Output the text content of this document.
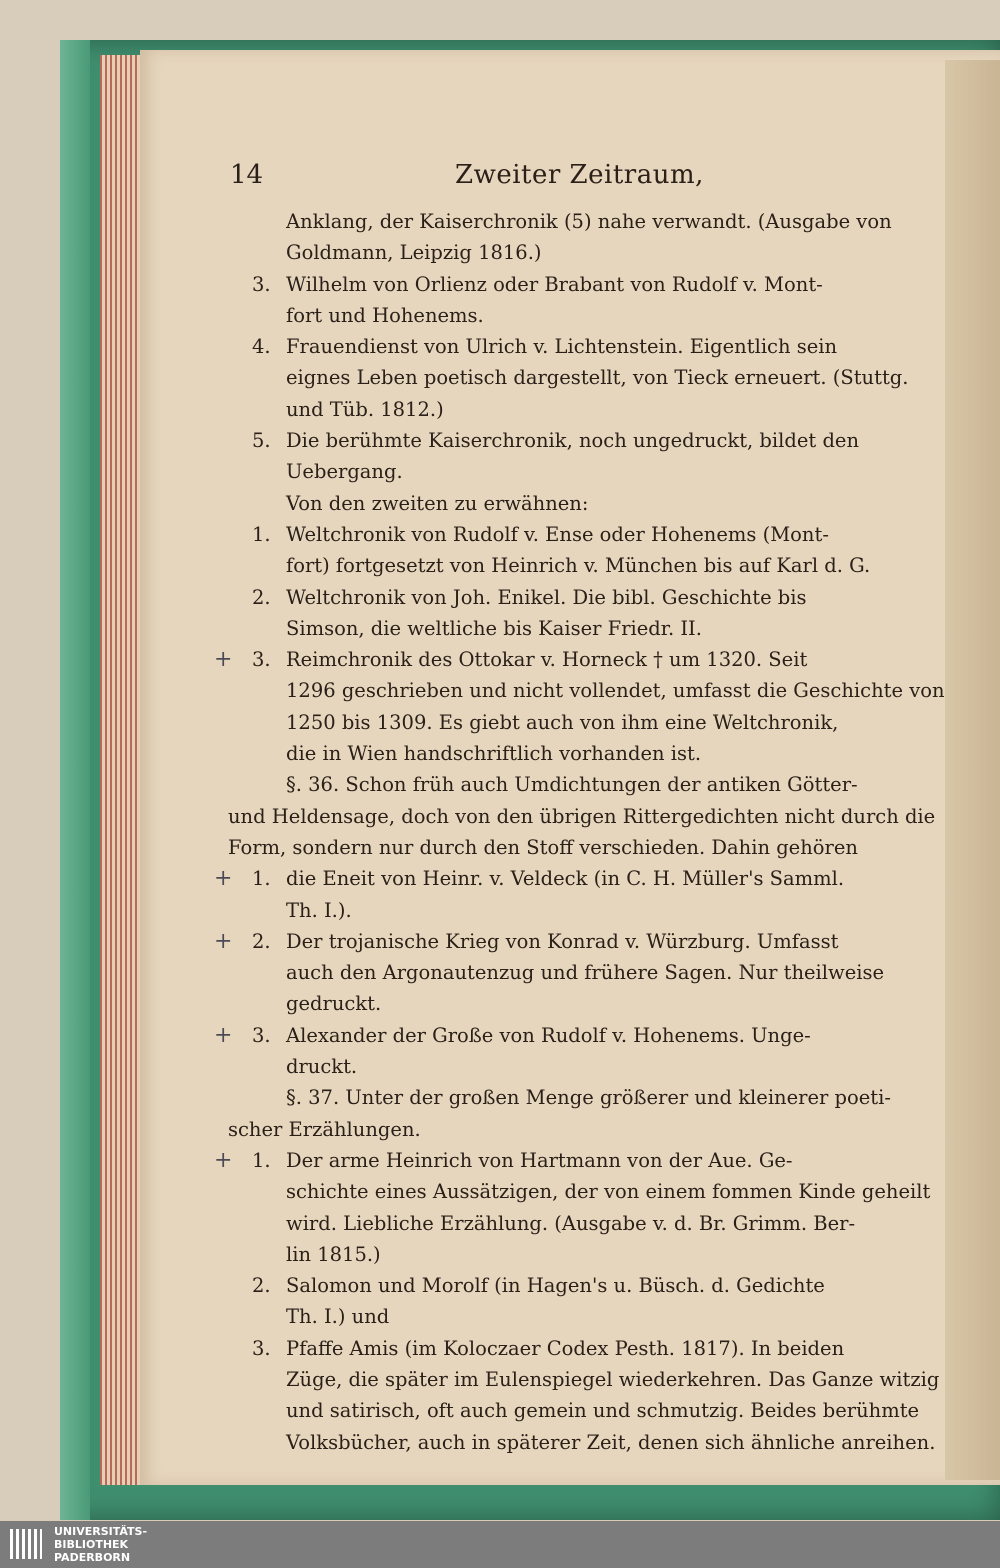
14	Zweiter Zeitraum,
Anklang, der Kaiserchronik (5) nahe verwandt. (Ausgabe von
Goldmann, Leipzig 1816.)
3. Wilhelm von Orlienz oder Brabant von Rudolf v. Mont-
fort und Hohenems.
4. Frauendienst von Ulrich v. Lichtenstein. Eigentlich sein
eignes Leben poetisch dargestellt, von Tieck erneuert. (Stuttg.
und Tüb. 1812.)
5. Die berühmte Kaiserchronik, noch ungedruckt, bildet den
Uebergang.
Von den zweiten zu erwähnen:
1. Weltchronik von Rudolf v. Ense oder Hohenems (Mont-
fort) fortgesetzt von Heinrich v. München bis auf Karl d. G.
2. Weltchronik von Joh. Enikel. Die bibl. Geschichte bis
Simson, die weltliche bis Kaiser Friedr. II.
+ 3. Reimchronik des Ottokar v. Horneck † um 1320. Seit
1296 geschrieben und nicht vollendet, umfasst die Geschichte von
1250 bis 1309. Es giebt auch von ihm eine Weltchronik,
die in Wien handschriftlich vorhanden ist.
§. 36. Schon früh auch Umdichtungen der antiken Götter-
und Heldensage, doch von den übrigen Rittergedichten nicht durch die
Form, sondern nur durch den Stoff verschieden. Dahin gehören
+ 1. die Eneit von Heinr. v. Veldeck (in C. H. Müller's Samml.
Th. I.).
+ 2. Der trojanische Krieg von Konrad v. Würzburg. Umfasst
auch den Argonautenzug und frühere Sagen. Nur theilweise
gedruckt.
+ 3. Alexander der Große von Rudolf v. Hohenems. Unge-
druckt.
§. 37. Unter der großen Menge größerer und kleinerer poeti-
scher Erzählungen.
+ 1. Der arme Heinrich von Hartmann von der Aue. Ge-
schichte eines Aussätzigen, der von einem fommen Kinde geheilt
wird. Liebliche Erzählung. (Ausgabe v. d. Br. Grimm. Ber-
lin 1815.)
2. Salomon und Morolf (in Hagen's u. Büsch. d. Gedichte
Th. I.) und
3. Pfaffe Amis (im Koloczaer Codex Pesth. 1817). In beiden
Züge, die später im Eulenspiegel wiederkehren. Das Ganze witzig
und satirisch, oft auch gemein und schmutzig. Beides berühmte
Volksbücher, auch in späterer Zeit, denen sich ähnliche anreihen.
UNIVERSITÄTS-
BIBLIOTHEK
PADERBORN
